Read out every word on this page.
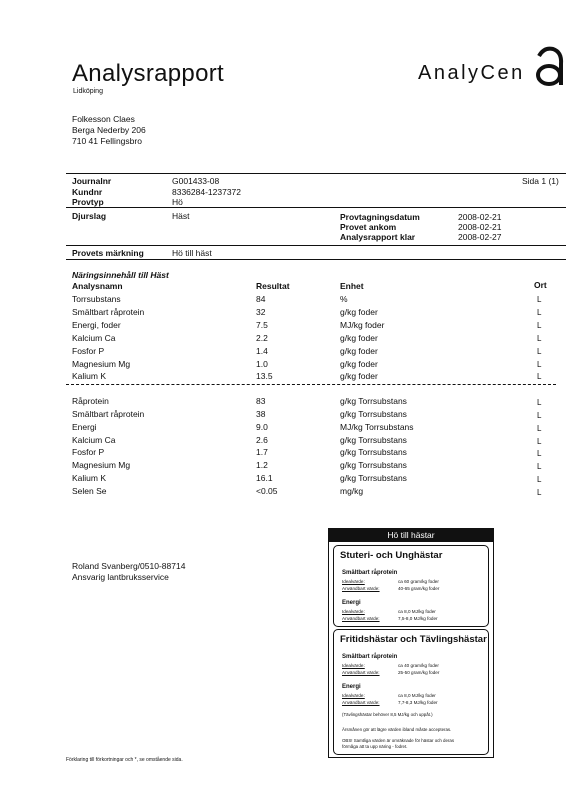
Analysrapport
Lidköping
AnalyCen
Folkesson Claes
Berga Nederby 206
710 41 Fellingsbro
Journalnr	G001433-08	Sida 1 (1)
Kundnr	8336284-1237372
Provtyp	Hö
Djurslag	Häst	Provtagningsdatum	2008-02-21
Provet ankom	2008-02-21
Analysrapport klar	2008-02-27
Provets märkning	Hö till häst
Näringsinnehåll till Häst
Analysnamn	Resultat	Enhet	Ort
Torrsubstans	84	%	L
Smältbart råprotein	32	g/kg foder	L
Energi, foder	7.5	MJ/kg foder	L
Kalcium Ca	2.2	g/kg foder	L
Fosfor P	1.4	g/kg foder	L
Magnesium Mg	1.0	g/kg foder	L
Kalium K	13.5	g/kg foder	L
Råprotein	83	g/kg Torrsubstans	L
Smältbart råprotein	38	g/kg Torrsubstans	L
Energi	9.0	MJ/kg Torrsubstans	L
Kalcium Ca	2.6	g/kg Torrsubstans	L
Fosfor P	1.7	g/kg Torrsubstans	L
Magnesium Mg	1.2	g/kg Torrsubstans	L
Kalium K	16.1	g/kg Torrsubstans	L
Selen Se	<0.05	mg/kg	L
Roland Svanberg/0510-88714
Ansvarig lantbruksservice
Hö till hästar
Stuteri- och Unghästar
Smältbart råprotein
Idealvärde:	ca 60 gram/kg foder
Användbart värde:	40-65 gram/kg foder
Energi
Idealvärde:	ca 8,0 MJ/kg foder
Användbart värde:	7,5-8,0 MJ/kg foder
Fritidshästar och Tävlingshästar
Smältbart råprotein
Idealvärde:	ca 40 gram/kg foder
Användbart värde:	25-50 gram/kg foder
Energi
Idealvärde:	ca 8,0 MJ/kg foder
Användbart värde:	7,7-8,3 MJ/kg foder
(Tävlingshästar behöver 8,5 MJ/kg och uppåt.)
Ärsmånen gör att lägre värden ibland måste accepteras.
OBS! Samtliga värden är omräknade för hästar och deras
förmåga att ta upp näring - fodret.
Förklaring till förkortningar och *, se omstående sida.
